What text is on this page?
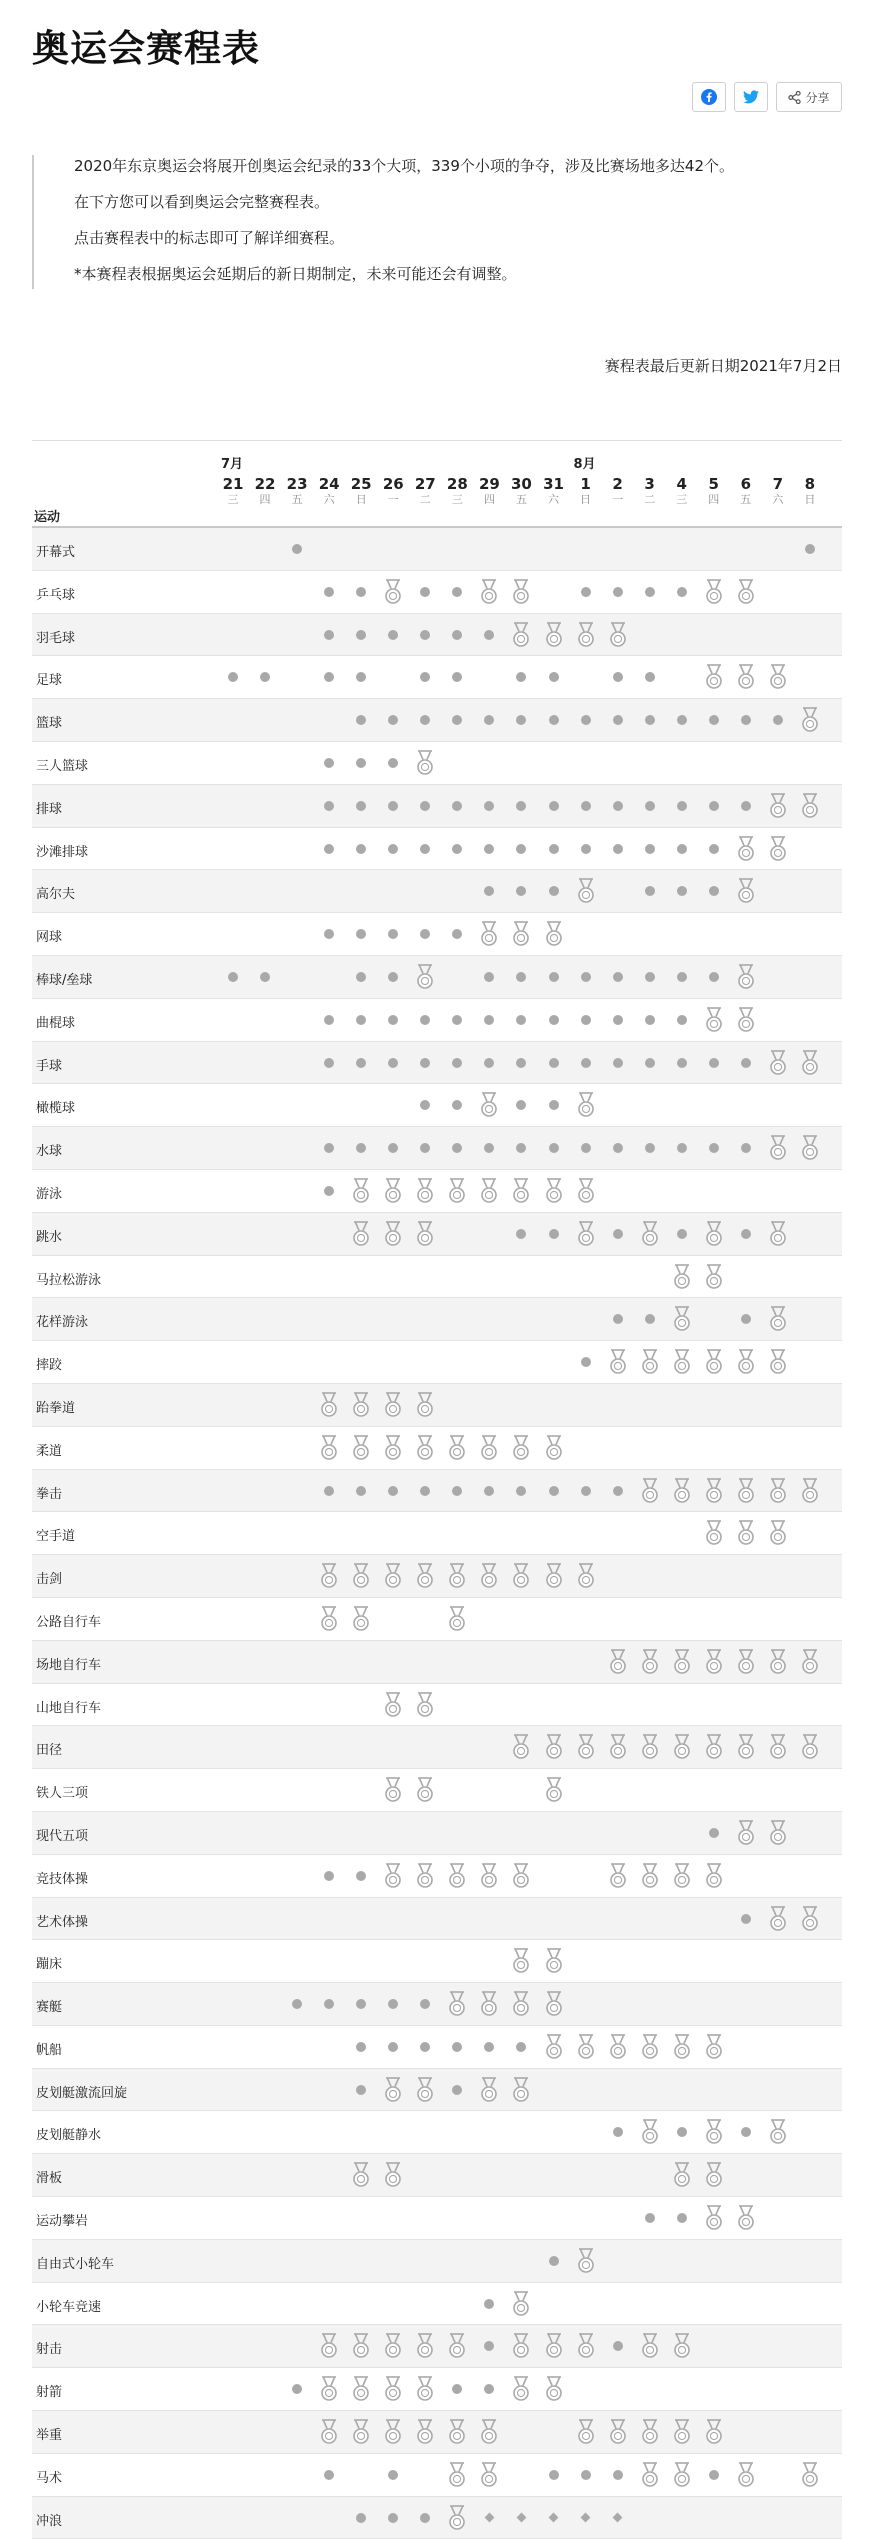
奥运会赛程表
分享

2020年东京奥运会将展开创奥运会纪录的33个大项，339个小项的争夺，涉及比赛场地多达42个。

在下方您可以看到奥运会完整赛程表。

点击赛程表中的标志即可了解详细赛程。

*本赛程表根据奥运会延期后的新日期制定，未来可能还会有调整。

赛程表最后更新日期2021年7月2日
7月	8月
运动
21
三
22
四
23
五
24
六
25
日
26
一
27
二
28
三
29
四
30
五
31
六
1
日
2
一
3
二
4
三
5
四
6
五
7
六
8
日
开幕式
乒乓球
羽毛球
足球
篮球
三人篮球
排球
沙滩排球
高尔夫
网球
棒球/垒球
曲棍球
手球
橄榄球
水球
游泳
跳水
马拉松游泳
花样游泳
摔跤
跆拳道
柔道
拳击
空手道
击剑
公路自行车
场地自行车
山地自行车
田径
铁人三项
现代五项
竞技体操
艺术体操
蹦床
赛艇
帆船
皮划艇激流回旋
皮划艇静水
滑板
运动攀岩
自由式小轮车
小轮车竞速
射击
射箭
举重
马术
冲浪
